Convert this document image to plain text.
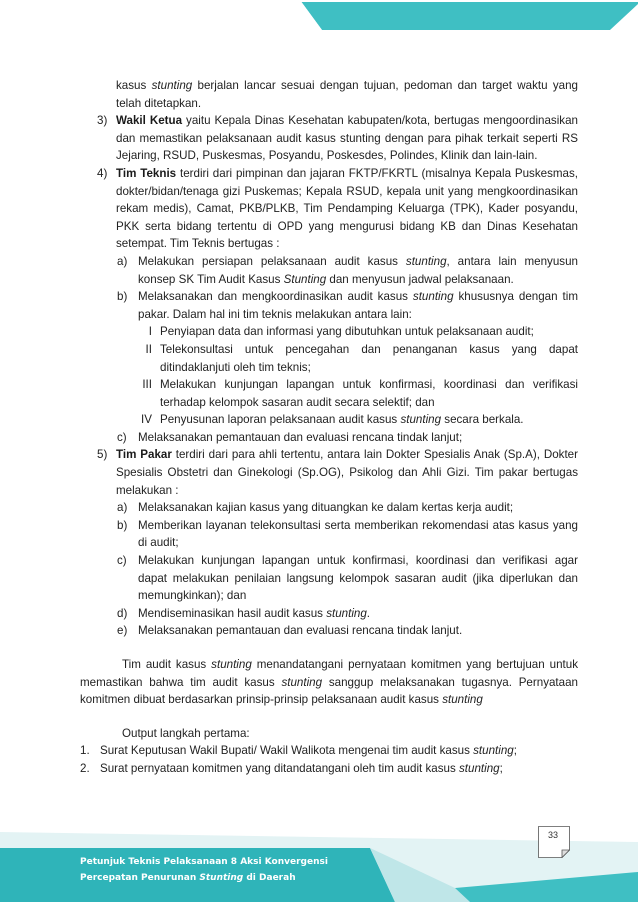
kasus stunting berjalan lancar sesuai dengan tujuan, pedoman dan target waktu yang
telah ditetapkan.
3) Wakil Ketua yaitu Kepala Dinas Kesehatan kabupaten/kota, bertugas mengoordinasikan
dan memastikan pelaksanaan audit kasus stunting dengan para pihak terkait seperti RS
Jejaring, RSUD, Puskesmas, Posyandu, Poskesdes, Polindes, Klinik dan lain-lain.
4) Tim Teknis terdiri dari pimpinan dan jajaran FKTP/FKRTL (misalnya Kepala Puskesmas,
dokter/bidan/tenaga gizi Puskemas; Kepala RSUD, kepala unit yang mengkoordinasikan
rekam medis), Camat, PKB/PLKB, Tim Pendamping Keluarga (TPK), Kader posyandu,
PKK serta bidang tertentu di OPD yang mengurusi bidang KB dan Dinas Kesehatan
setempat. Tim Teknis bertugas :
a) Melakukan persiapan pelaksanaan audit kasus stunting, antara lain menyusun
konsep SK Tim Audit Kasus Stunting dan menyusun jadwal pelaksanaan.
b) Melaksanakan dan mengkoordinasikan audit kasus stunting khususnya dengan tim
pakar. Dalam hal ini tim teknis melakukan antara lain:
I Penyiapan data dan informasi yang dibutuhkan untuk pelaksanaan audit;
II Telekonsultasi untuk pencegahan dan penanganan kasus yang dapat
ditindaklanjuti oleh tim teknis;
III Melakukan kunjungan lapangan untuk konfirmasi, koordinasi dan verifikasi
terhadap kelompok sasaran audit secara selektif; dan
IV Penyusunan laporan pelaksanaan audit kasus stunting secara berkala.
c) Melaksanakan pemantauan dan evaluasi rencana tindak lanjut;
5) Tim Pakar terdiri dari para ahli tertentu, antara lain Dokter Spesialis Anak (Sp.A), Dokter
Spesialis Obstetri dan Ginekologi (Sp.OG), Psikolog dan Ahli Gizi. Tim pakar bertugas
melakukan :
a) Melaksanakan kajian kasus yang dituangkan ke dalam kertas kerja audit;
b) Memberikan layanan telekonsultasi serta memberikan rekomendasi atas kasus yang
di audit;
c) Melakukan kunjungan lapangan untuk konfirmasi, koordinasi dan verifikasi agar
dapat melakukan penilaian langsung kelompok sasaran audit (jika diperlukan dan
memungkinkan); dan
d) Mendiseminasikan hasil audit kasus stunting.
e) Melaksanakan pemantauan dan evaluasi rencana tindak lanjut.
Tim audit kasus stunting menandatangani pernyataan komitmen yang bertujuan untuk
memastikan bahwa tim audit kasus stunting sanggup melaksanakan tugasnya. Pernyataan
komitmen dibuat berdasarkan prinsip-prinsip pelaksanaan audit kasus stunting
Output langkah pertama:
1. Surat Keputusan Wakil Bupati/ Wakil Walikota mengenai tim audit kasus stunting;
2. Surat pernyataan komitmen yang ditandatangani oleh tim audit kasus stunting;
33
Petunjuk Teknis Pelaksanaan 8 Aksi Konvergensi
Percepatan Penurunan Stunting di Daerah
